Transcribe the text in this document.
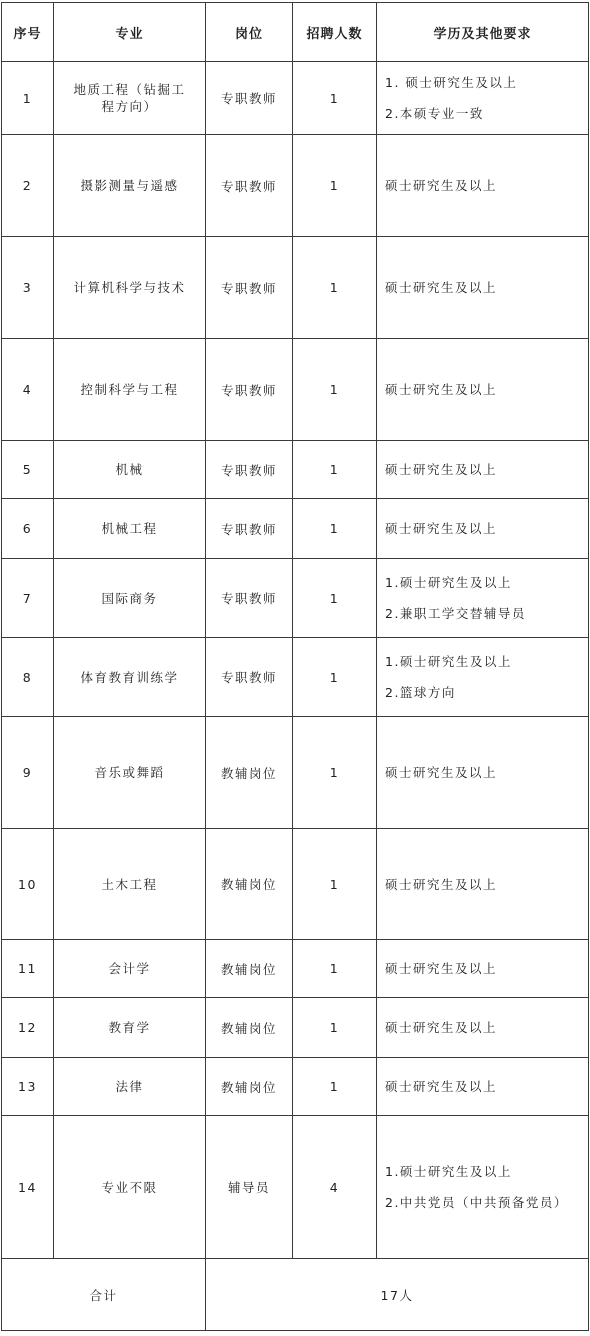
序号	专业	岗位	招聘人数	学历及其他要求
1	地质工程（钻掘工程方向）	专职教师	1	1. 硕士研究生及以上
2.本硕专业一致

2	摄影测量与遥感	专职教师	1	硕士研究生及以上

3	计算机科学与技术	专职教师	1	硕士研究生及以上

4	控制科学与工程	专职教师	1	硕士研究生及以上

5	机械	专职教师	1	硕士研究生及以上

6	机械工程	专职教师	1	硕士研究生及以上

7	国际商务	专职教师	1	1.硕士研究生及以上
2.兼职工学交替辅导员

8	体育教育训练学	专职教师	1	1.硕士研究生及以上
2.篮球方向

9	音乐或舞蹈	教辅岗位	1	硕士研究生及以上

10	土木工程	教辅岗位	1	硕士研究生及以上

11	会计学	教辅岗位	1	硕士研究生及以上

12	教育学	教辅岗位	1	硕士研究生及以上

13	法律	教辅岗位	1	硕士研究生及以上

14	专业不限	辅导员	4	1.硕士研究生及以上
2.中共党员（中共预备党员）

合计		17人		
